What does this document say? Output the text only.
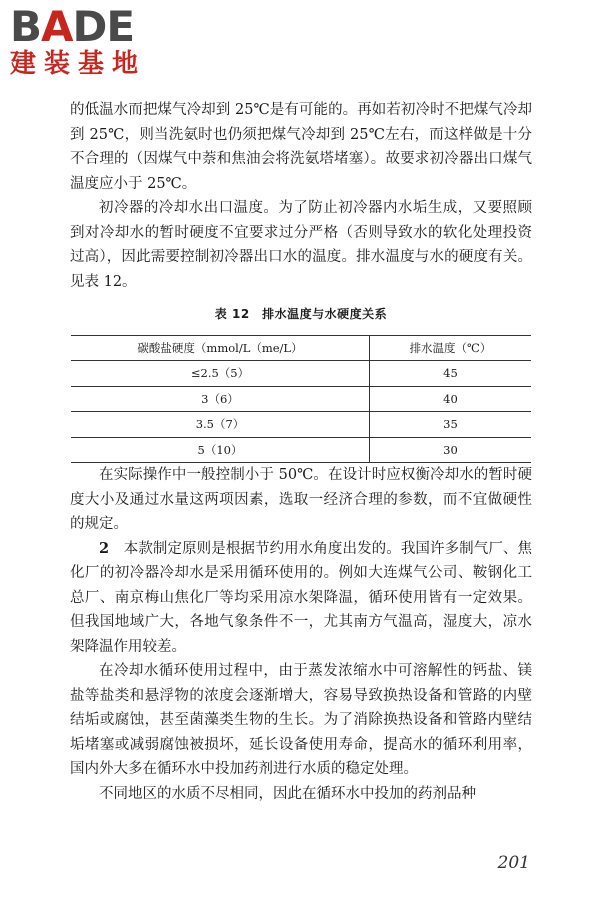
BADE
建装基地

的低温水而把煤气冷却到 25℃是有可能的。再如若初冷时不把煤气冷却到 25℃，则当洗氨时也仍须把煤气冷却到 25℃左右，而这样做是十分不合理的（因煤气中萘和焦油会将洗氨塔堵塞）。故要求初冷器出口煤气温度应小于 25℃。

初冷器的冷却水出口温度。为了防止初冷器内水垢生成，又要照顾到对冷却水的暂时硬度不宜要求过分严格（否则导致水的软化处理投资过高），因此需要控制初冷器出口水的温度。排水温度与水的硬度有关。见表 12。

表 12　排水温度与水硬度关系
碳酸盐硬度（mmol/L（me/L）	排水温度（℃）
≤2.5（5）	45
3（6）	40
3.5（7）	35
5（10）	30

在实际操作中一般控制小于 50℃。在设计时应权衡冷却水的暂时硬度大小及通过水量这两项因素，选取一经济合理的参数，而不宜做硬性的规定。

2　 本款制定原则是根据节约用水角度出发的。我国许多制气厂、焦化厂的初冷器冷却水是采用循环使用的。例如大连煤气公司、鞍钢化工总厂、南京梅山焦化厂等均采用凉水架降温，循环使用皆有一定效果。但我国地域广大，各地气象条件不一，尤其南方气温高，湿度大，凉水架降温作用较差。

在冷却水循环使用过程中，由于蒸发浓缩水中可溶解性的钙盐、镁盐等盐类和悬浮物的浓度会逐渐增大，容易导致换热设备和管路的内壁结垢或腐蚀，甚至菌藻类生物的生长。为了消除换热设备和管路内壁结垢堵塞或减弱腐蚀被损坏，延长设备使用寿命，提高水的循环利用率，国内外大多在循环水中投加药剂进行水质的稳定处理。

不同地区的水质不尽相同，因此在循环水中投加的药剂品种

201
